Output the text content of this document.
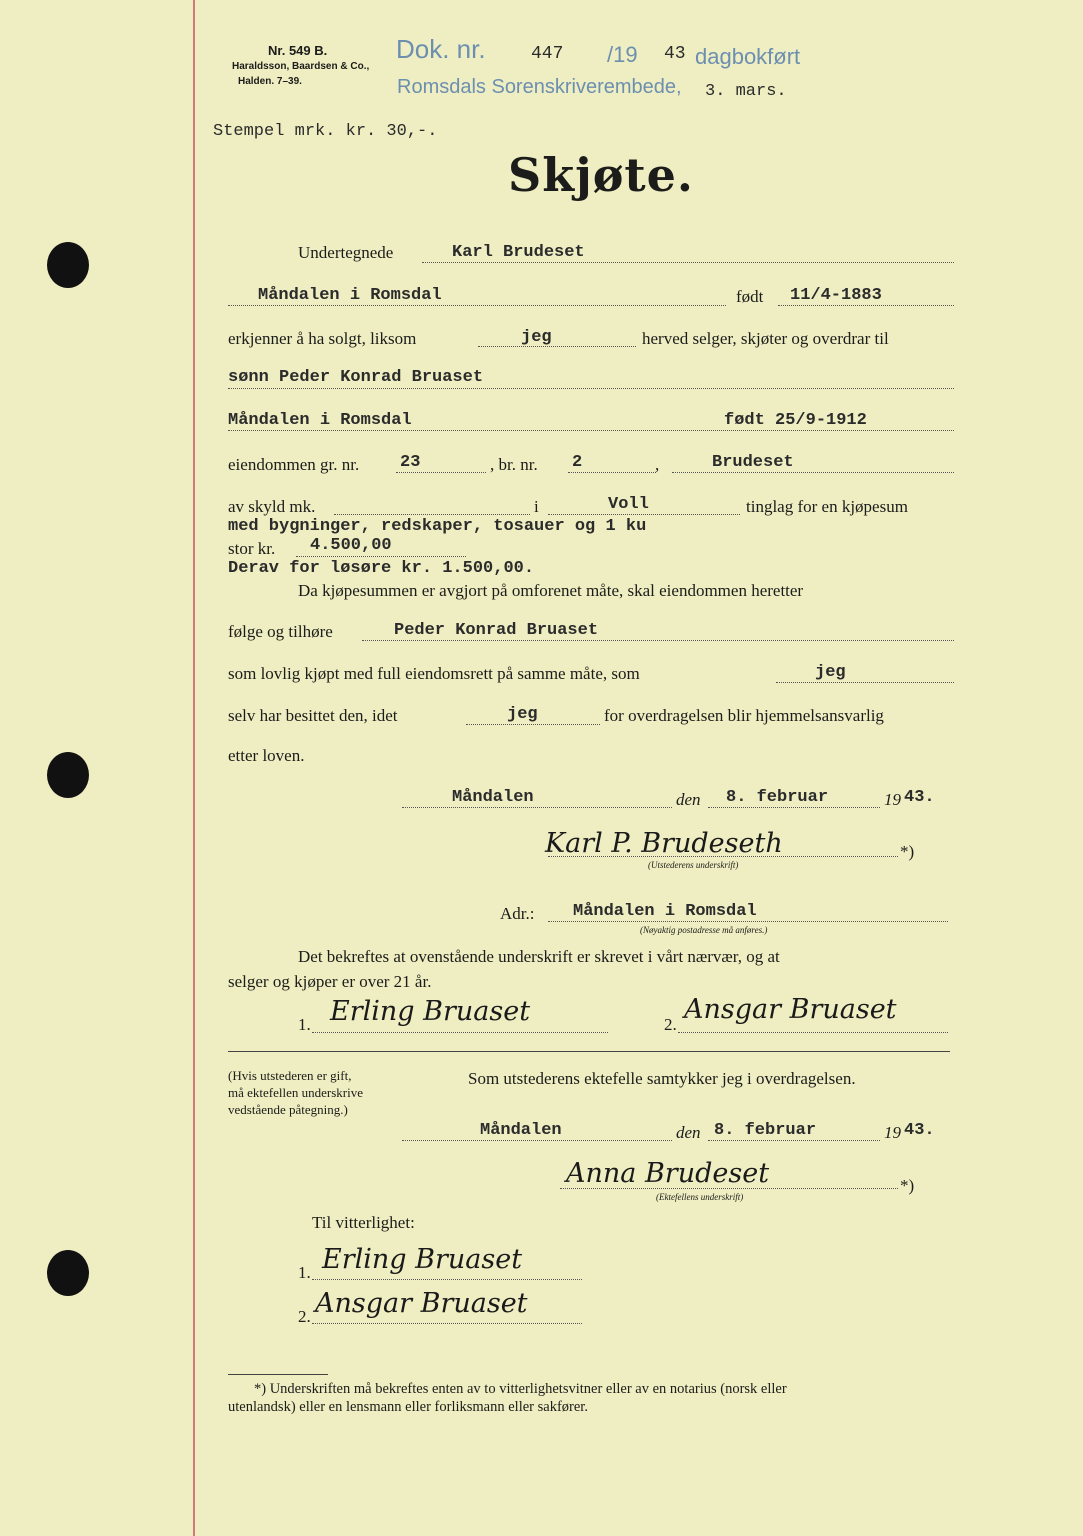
Nr. 549 B.
Haraldsson, Baardsen & Co.,
Halden. 7–39.
Dok. nr.	447 /19 43 dagbokført
Romsdals Sorenskriverembede, 3. mars.
Stempel mrk. kr. 30,-.
Skjøte.
Undertegnede	Karl Brudeset
Måndalen i Romsdal	født 11/4-1883
erkjenner å ha solgt, liksom	jeg	herved selger, skjøter og overdrar til
sønn Peder Konrad Bruaset
Måndalen i Romsdal	født 25/9-1912
eiendommen gr. nr. 23	, br. nr. 2	,	Brudeset
av skyld mk.	i	Voll	tinglag for en kjøpesum
med bygninger, redskaper, tosauer og 1 ku
stor kr. 4.500,00
Derav for løsøre kr. 1.500,00.
Da kjøpesummen er avgjort på omforenet måte, skal eiendommen heretter
følge og tilhøre	Peder Konrad Bruaset
som lovlig kjøpt med full eiendomsrett på samme måte, som	jeg
selv har besittet den, idet	jeg	for overdragelsen blir hjemmelsansvarlig
etter loven.
Måndalen	den 8. februar	19 43.
Karl P. Brudeseth	*)
(Utstederens underskrift)
Adr.: Måndalen i Romsdal
(Nøyaktig postadresse må anføres.)
Det bekreftes at ovenstående underskrift er skrevet i vårt nærvær, og at
selger og kjøper er over 21 år.
1. Erling Bruaset	2. Ansgar Bruaset
(Hvis utstederen er gift,
må ektefellen underskrive
vedstående påtegning.)
Som utstederens ektefelle samtykker jeg i overdragelsen.
Måndalen	den 8. februar	19 43.
Anna Brudeset	*)
(Ektefellens underskrift)
Til vitterlighet:
1. Erling Bruaset
2. Ansgar Bruaset
*) Underskriften må bekreftes enten av to vitterlighetsvitner eller av en notarius (norsk eller
utenlandsk) eller en lensmann eller forliksmann eller sakfører.
